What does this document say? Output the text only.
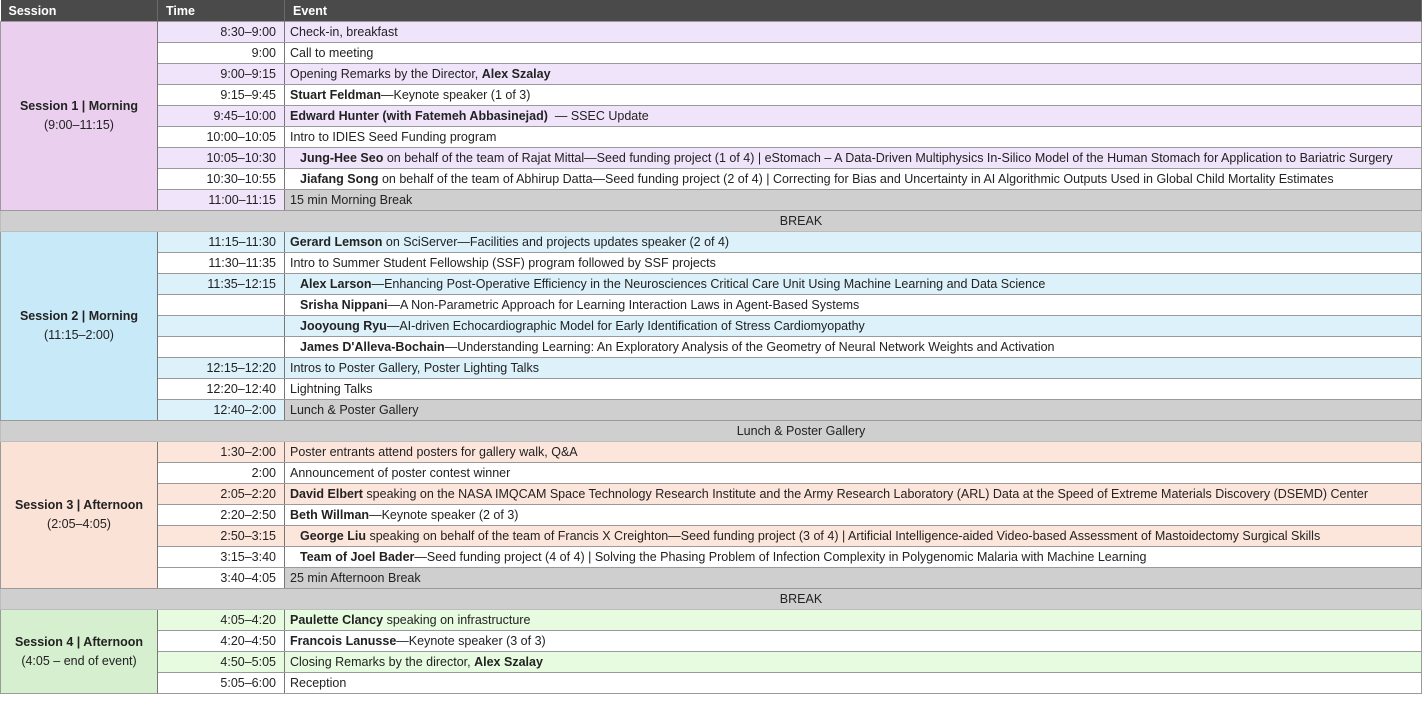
Session	Time	Event

Session 1 | Morning
(9:00–11:15)	8:30–9:00	Check-in, breakfast
	9:00	Call to meeting
	9:00–9:15	Opening Remarks by the Director, Alex Szalay
	9:15–9:45	Stuart Feldman—Keynote speaker (1 of 3)
	9:45–10:00	Edward Hunter (with Fatemeh Abbasinejad)  — SSEC Update
	10:00–10:05	Intro to IDIES Seed Funding program
	10:05–10:30	Jung-Hee Seo on behalf of the team of Rajat Mittal—Seed funding project (1 of 4) | eStomach – A Data-Driven Multiphysics In-Silico Model of the Human Stomach for Application to Bariatric Surgery
	10:30–10:55	Jiafang Song on behalf of the team of Abhirup Datta—Seed funding project (2 of 4) | Correcting for Bias and Uncertainty in AI Algorithmic Outputs Used in Global Child Mortality Estimates
	11:00–11:15	15 min Morning Break
BREAK		

Session 2 | Morning
(11:15–2:00)	11:15–11:30	Gerard Lemson on SciServer—Facilities and projects updates speaker (2 of 4)
	11:30–11:35	Intro to Summer Student Fellowship (SSF) program followed by SSF projects
	11:35–12:15	Alex Larson—Enhancing Post-Operative Efficiency in the Neurosciences Critical Care Unit Using Machine Learning and Data Science
		Srisha Nippani—A Non-Parametric Approach for Learning Interaction Laws in Agent-Based Systems
		Jooyoung Ryu—AI-driven Echocardiographic Model for Early Identification of Stress Cardiomyopathy
		James D'Alleva-Bochain—Understanding Learning: An Exploratory Analysis of the Geometry of Neural Network Weights and Activation
	12:15–12:20	Intros to Poster Gallery, Poster Lighting Talks
	12:20–12:40	Lightning Talks
	12:40–2:00	Lunch & Poster Gallery
Lunch & Poster Gallery		

Session 3 | Afternoon
(2:05–4:05)	1:30–2:00	Poster entrants attend posters for gallery walk, Q&A
	2:00	Announcement of poster contest winner
	2:05–2:20	David Elbert speaking on the NASA IMQCAM Space Technology Research Institute and the Army Research Laboratory (ARL) Data at the Speed of Extreme Materials Discovery (DSEMD) Center
	2:20–2:50	Beth Willman—Keynote speaker (2 of 3)
	2:50–3:15	George Liu speaking on behalf of the team of Francis X Creighton—Seed funding project (3 of 4) | Artificial Intelligence-aided Video-based Assessment of Mastoidectomy Surgical Skills
	3:15–3:40	Team of Joel Bader—Seed funding project (4 of 4) | Solving the Phasing Problem of Infection Complexity in Polygenomic Malaria with Machine Learning
	3:40–4:05	25 min Afternoon Break
BREAK		

Session 4 | Afternoon
(4:05 – end of event)	4:05–4:20	Paulette Clancy speaking on infrastructure
	4:20–4:50	Francois Lanusse—Keynote speaker (3 of 3)
	4:50–5:05	Closing Remarks by the director, Alex Szalay
	5:05–6:00	Reception
